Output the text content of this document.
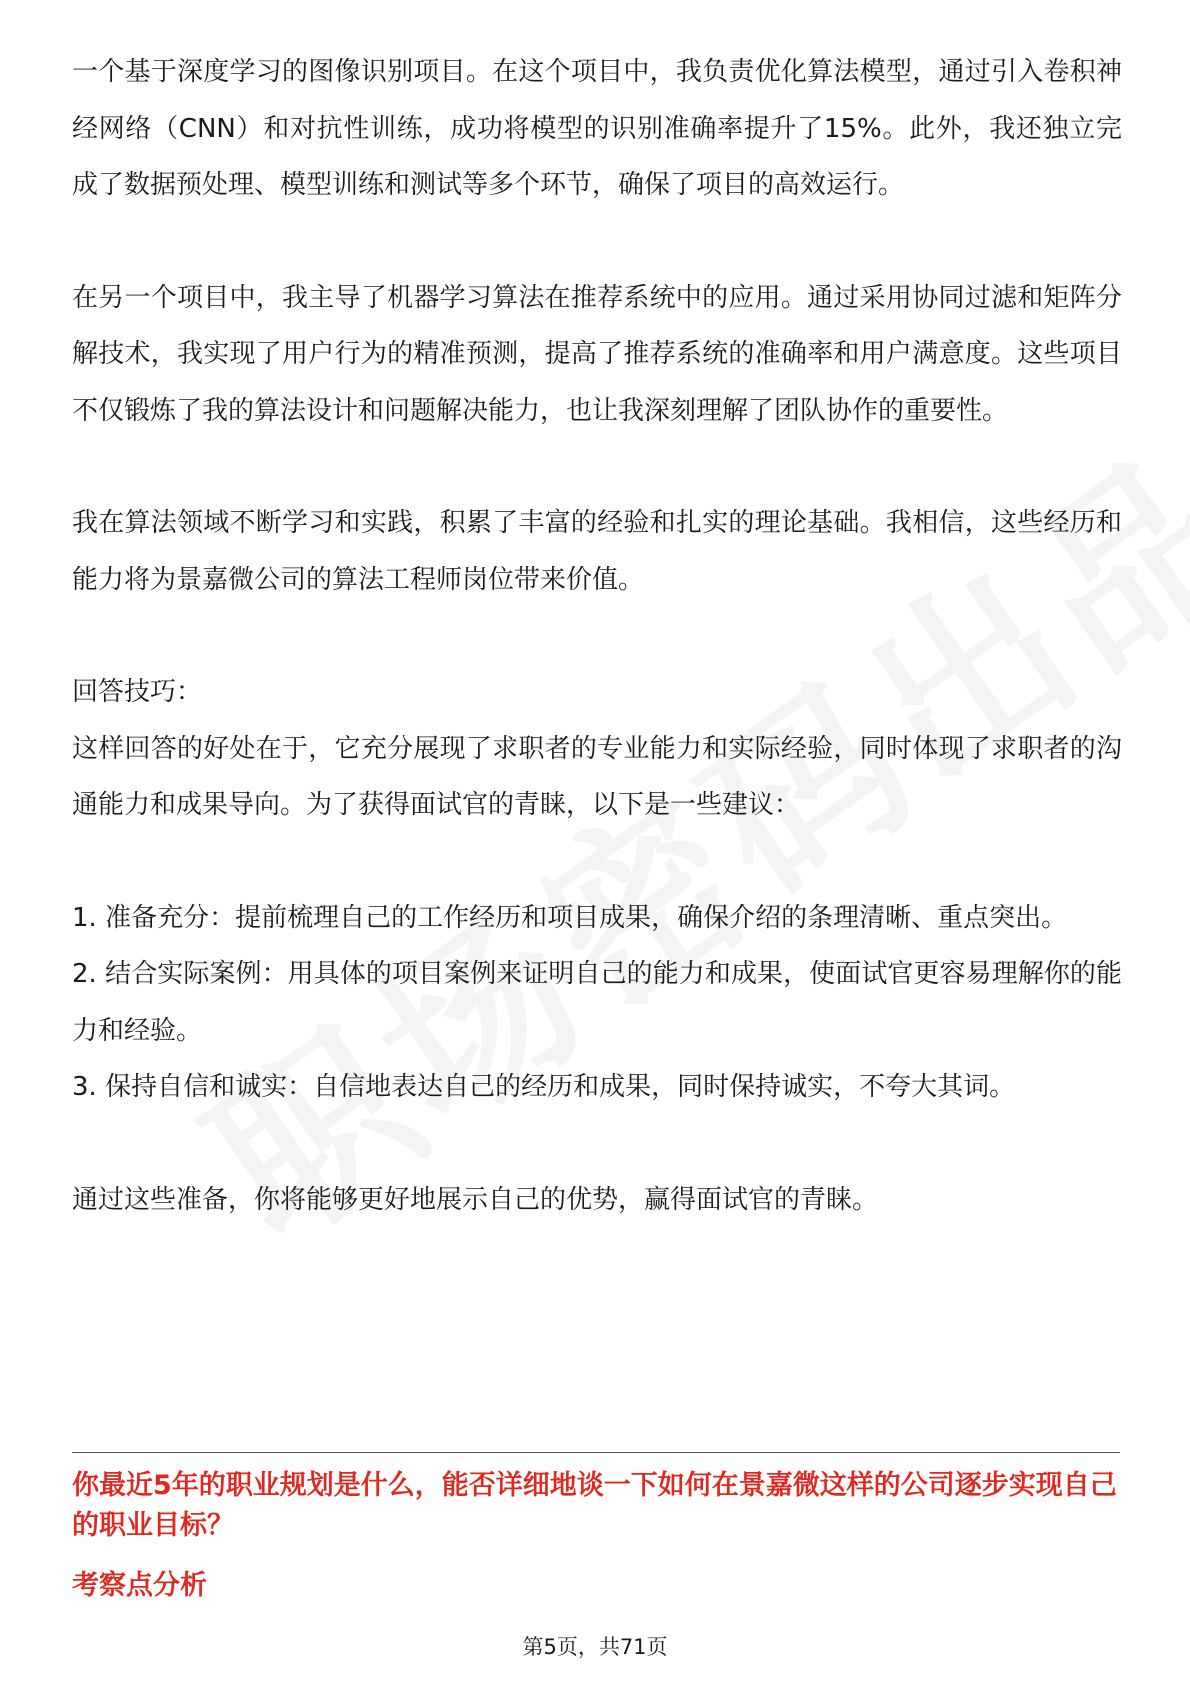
一个基于深度学习的图像识别项目。在这个项目中，我负责优化算法模型，通过引入卷积神经网络（CNN）和对抗性训练，成功将模型的识别准确率提升了15%。此外，我还独立完成了数据预处理、模型训练和测试等多个环节，确保了项目的高效运行。

在另一个项目中，我主导了机器学习算法在推荐系统中的应用。通过采用协同过滤和矩阵分解技术，我实现了用户行为的精准预测，提高了推荐系统的准确率和用户满意度。这些项目不仅锻炼了我的算法设计和问题解决能力，也让我深刻理解了团队协作的重要性。

我在算法领域不断学习和实践，积累了丰富的经验和扎实的理论基础。我相信，这些经历和能力将为景嘉微公司的算法工程师岗位带来价值。

回答技巧：

这样回答的好处在于，它充分展现了求职者的专业能力和实际经验，同时体现了求职者的沟通能力和成果导向。为了获得面试官的青睐，以下是一些建议：

1. 准备充分：提前梳理自己的工作经历和项目成果，确保介绍的条理清晰、重点突出。

2. 结合实际案例：用具体的项目案例来证明自己的能力和成果，使面试官更容易理解你的能力和经验。

3. 保持自信和诚实：自信地表达自己的经历和成果，同时保持诚实，不夸大其词。

通过这些准备，你将能够更好地展示自己的优势，赢得面试官的青睐。

你最近5年的职业规划是什么，能否详细地谈一下如何在景嘉微这样的公司逐步实现自己的职业目标？

考察点分析

第5页，共71页
